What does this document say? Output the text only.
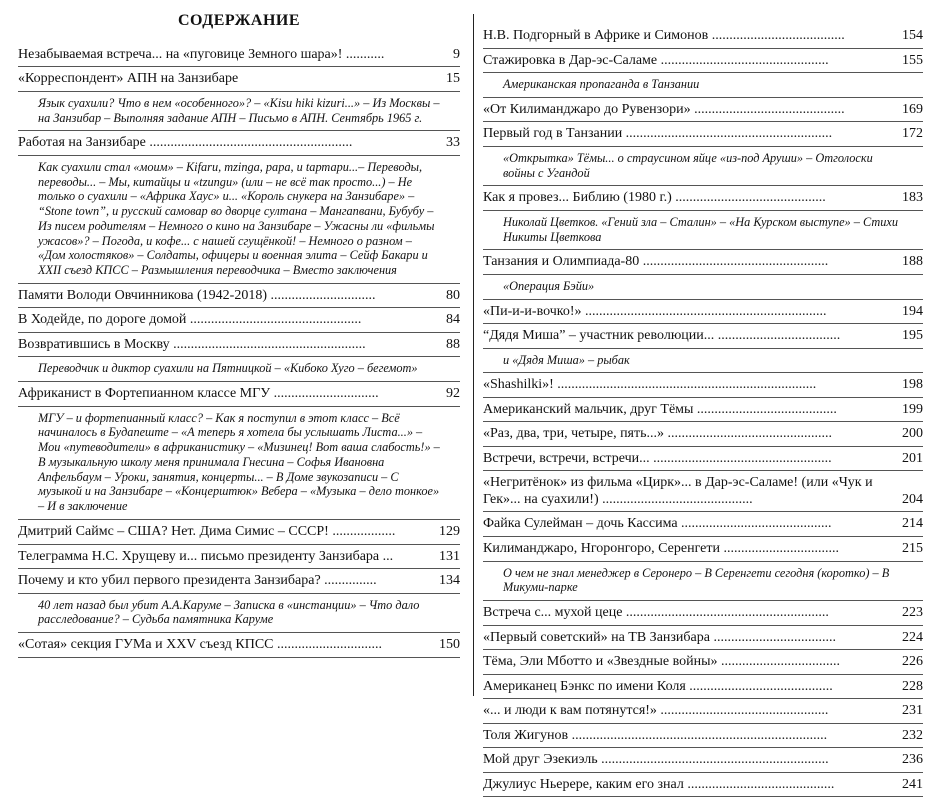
СОДЕРЖАНИЕ
Незабываемая встреча... на «пуговице Земного шара»! ...........	9
«Корреспондент» АПН на Занзибаре	15
Язык суахили? Что в нем «особенного»? – «Kisu hiki kizuri...» – Из Москвы – на Занзибар – Выполняя задание АПН – Письмо в АПН. Сентябрь 1965 г.
Работая на Занзибаре ..........................................................	33
Как суахили стал «моим» – Kifaru, mzinga, papa, и taртари...– Переводы, переводы... – Мы, китайцы и «tzungu» (или – не всё так просто...) – Не только о суахили – «Африка Хаус» и... «Король снукера на Занзибаре» – “Stone town”, и русский самовар во дворце султана – Мангапвани, Бубубу – Из писем родителям – Немного о кино на Занзибаре – Ужасны ли «фильмы ужасов»? – Погода, и кофе... с нашей сгущёнкой! – Немного о разном – «Дом холостяков» – Солдаты, офицеры и военная элита – Сейф Бакари и XXII съезд КПСС – Размышления переводчика – Вместо заключения
Памяти Володи Овчинникова (1942-2018) ..............................	80
В Ходейде, по дороге домой .................................................	84
Возвратившись в Москву .......................................................	88
Переводчик и диктор суахили на Пятницкой – «Кибоко Хуго – бегемот»
Африканист в Фортепианном классе МГУ ..............................	92
МГУ – и фортепианный класс? – Как я поступил в этот класс – Всё начиналось в Будапеште – «А теперь я хотела бы услышать Листа...» – Мои «путеводители» в африканистику – «Мизинец! Вот ваша слабость!» – В музыкальную школу меня принимала Гнесина – Софья Ивановна Апфельбаум – Уроки, занятия, концерты... – В Доме звукозаписи – С музыкой и на Занзибаре – «Концерштюк» Вебера – «Музыка – дело тонкое» – И в заключение
Дмитрий Саймс – США? Нет. Дима Симис – СССР! ..................	129
Телеграмма Н.С. Хрущеву и... письмо президенту Занзибара ...	131
Почему и кто убил первого президента Занзибара? ...............	134
40 лет назад был убит А.А.Каруме – Записка в «инстанции» – Что дало расследование? – Судьба памятника Каруме
«Сотая» секция ГУМа и XXV съезд КПСС ..............................	150
Н.В. Подгорный в Африке и Симонов ......................................	154
Стажировка в Дар-эс-Саламе ................................................	155
Американская пропаганда в Танзании
«От Килиманджаро до Рувензори» ...........................................	169
Первый год в Танзании ...........................................................	172
«Открытка» Тёмы... о страусином яйце «из-под Аруши» – Отголоски войны с Угандой
Как я провез... Библию (1980 г.) ...........................................	183
Николай Цветков. «Гений зла – Сталин» – «На Курском выступе» – Стихи Никиты Цветкова
Танзания и Олимпиада-80 .....................................................	188
«Операция Бэйи»
«Пи-и-и-вочко!» .....................................................................	194
“Дядя Миша” – участник революции... ...................................	195
и «Дядя Миша» – рыбак
«Shashilki»! ..........................................................................	198
Американский мальчик, друг Тёмы ........................................	199
«Раз, два, три, четыре, пять...» ...............................................	200
Встречи, встречи, встречи... ...................................................	201
«Негритёнок» из фильма «Цирк»... в Дар-эс-Саламе! (или «Чук и Гек»... на суахили!) ...........................................	204
Файка Сулейман – дочь Кассима ...........................................	214
Килиманджаро, Нгоронгоро, Серенгети .................................	215
О чем не знал менеджер в Серонеро – В Серенгети сегодня (коротко) – В Микуми-парке
Встреча с... мухой цеце ..........................................................	223
«Первый советский» на ТВ Занзибара ...................................	224
Тёма, Эли Мботто и «Звездные войны» ..................................	226
Американец Бэнкс по имени Коля .........................................	228
«... и люди к вам потянутся!» ................................................	231
Толя Жигунов .........................................................................	232
Мой друг Эзекиэль .................................................................	236
Джулиус Ньерере, каким его знал ..........................................	241
